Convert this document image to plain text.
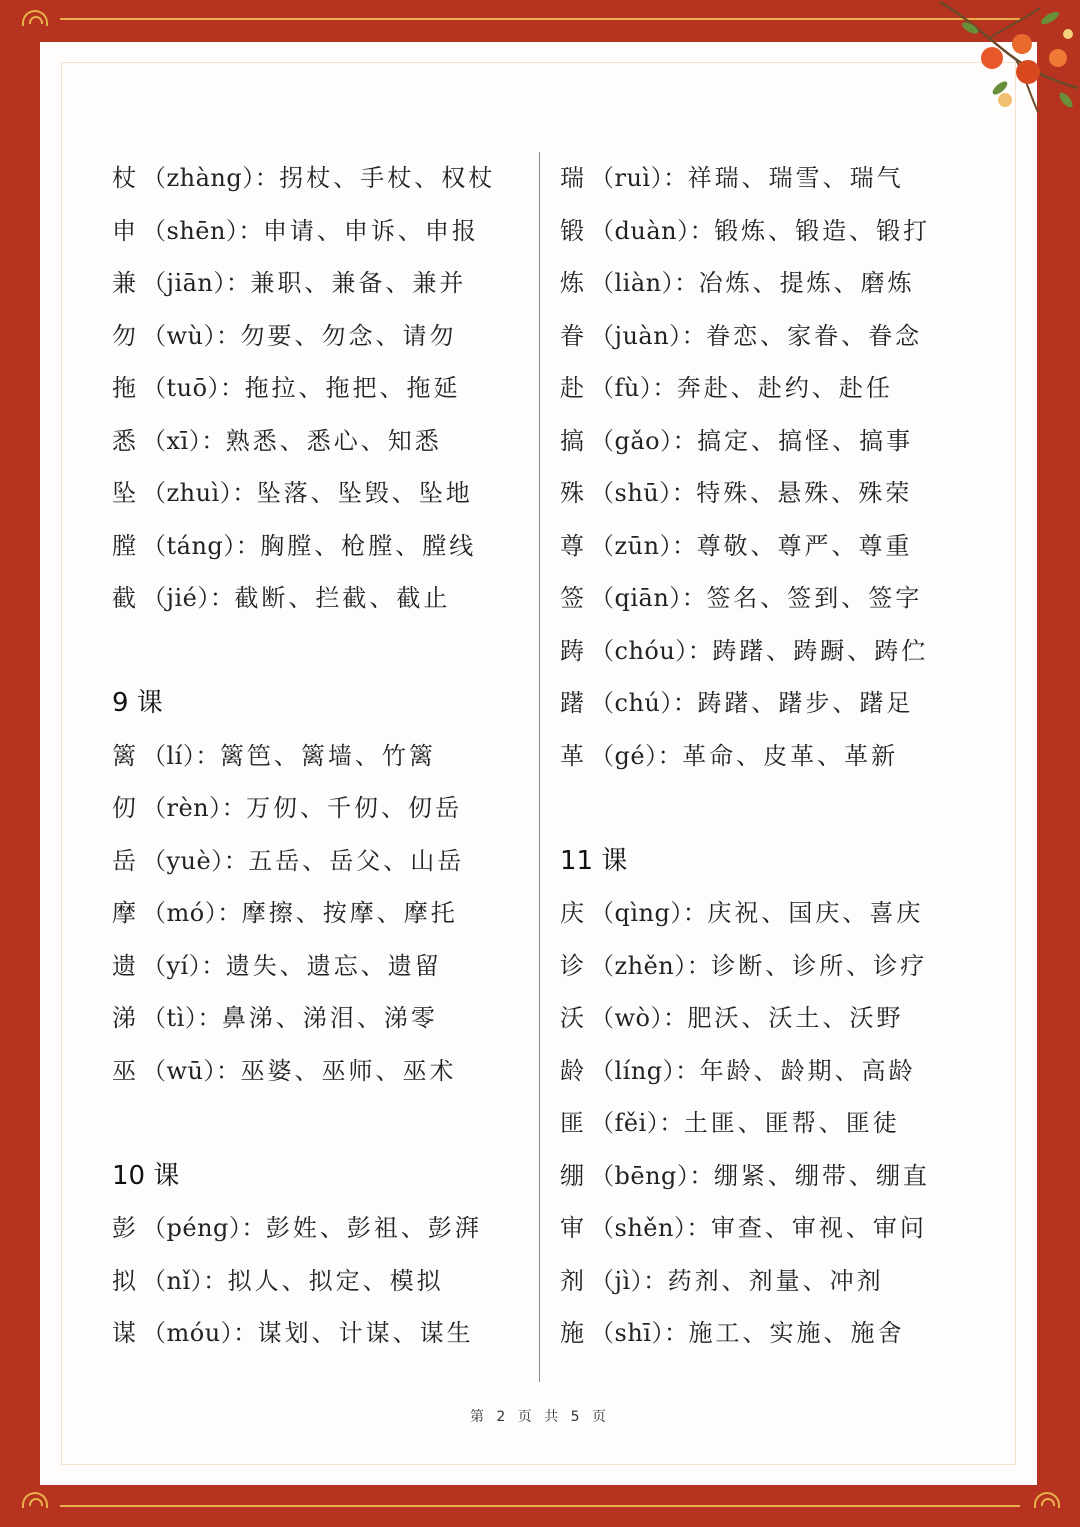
杖 （zhàng）：拐杖、手杖、权杖
申 （shēn）：申请、申诉、申报
兼 （jiān）：兼职、兼备、兼并
勿 （wù）：勿要、勿念、请勿
拖 （tuō）：拖拉、拖把、拖延
悉 （xī）：熟悉、悉心、知悉
坠 （zhuì）：坠落、坠毁、坠地
膛 （táng）：胸膛、枪膛、膛线
截 （jié）：截断、拦截、截止
9 课
篱 （lí）：篱笆、篱墙、竹篱
仞 （rèn）：万仞、千仞、仞岳
岳 （yuè）：五岳、岳父、山岳
摩 （mó）：摩擦、按摩、摩托
遗 （yí）：遗失、遗忘、遗留
涕 （tì）：鼻涕、涕泪、涕零
巫 （wū）：巫婆、巫师、巫术
10 课
彭 （péng）：彭姓、彭祖、彭湃
拟 （nǐ）：拟人、拟定、模拟
谋 （móu）：谋划、计谋、谋生
瑞 （ruì）：祥瑞、瑞雪、瑞气
锻 （duàn）：锻炼、锻造、锻打
炼 （liàn）：冶炼、提炼、磨炼
眷 （juàn）：眷恋、家眷、眷念
赴 （fù）：奔赴、赴约、赴任
搞 （gǎo）：搞定、搞怪、搞事
殊 （shū）：特殊、悬殊、殊荣
尊 （zūn）：尊敬、尊严、尊重
签 （qiān）：签名、签到、签字
踌 （chóu）：踌躇、踌蹰、踌伫
躇 （chú）：踌躇、躇步、躇足
革 （gé）：革命、皮革、革新
11 课
庆 （qìng）：庆祝、国庆、喜庆
诊 （zhěn）：诊断、诊所、诊疗
沃 （wò）：肥沃、沃土、沃野
龄 （líng）：年龄、龄期、高龄
匪 （fěi）：土匪、匪帮、匪徒
绷 （bēng）：绷紧、绷带、绷直
审 （shěn）：审查、审视、审问
剂 （jì）：药剂、剂量、冲剂
施 （shī）：施工、实施、施舍
第 2 页 共 5 页
